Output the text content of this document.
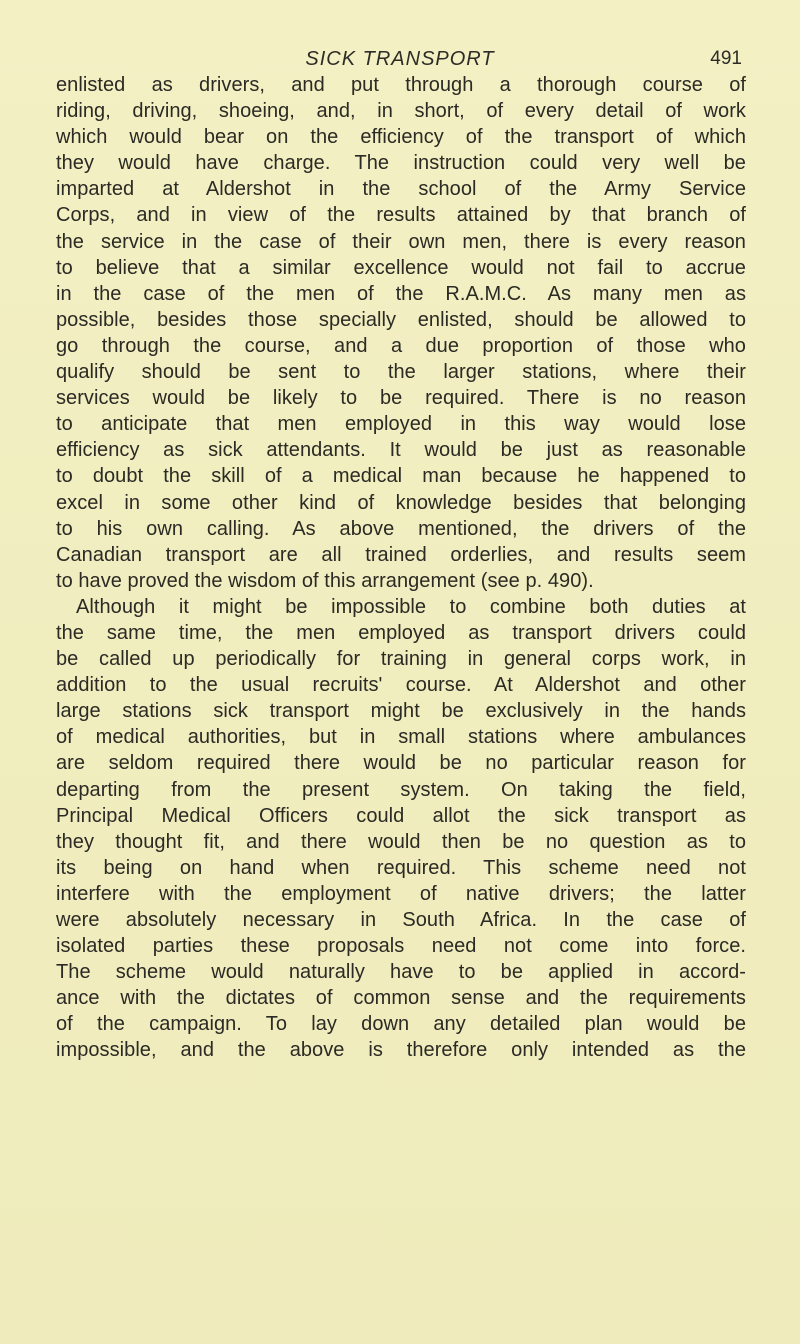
SICK TRANSPORT	491
enlisted as drivers, and put through a thorough course of
riding, driving, shoeing, and, in short, of every detail of work
which would bear on the efficiency of the transport of which
they would have charge. The instruction could very well be
imparted at Aldershot in the school of the Army Service
Corps, and in view of the results attained by that branch of
the service in the case of their own men, there is every reason
to believe that a similar excellence would not fail to accrue
in the case of the men of the R.A.M.C. As many men as
possible, besides those specially enlisted, should be allowed to
go through the course, and a due proportion of those who
qualify should be sent to the larger stations, where their
services would be likely to be required. There is no reason
to anticipate that men employed in this way would lose
efficiency as sick attendants. It would be just as reasonable
to doubt the skill of a medical man because he happened to
excel in some other kind of knowledge besides that belonging
to his own calling. As above mentioned, the drivers of the
Canadian transport are all trained orderlies, and results seem
to have proved the wisdom of this arrangement (see p. 490).
Although it might be impossible to combine both duties at
the same time, the men employed as transport drivers could
be called up periodically for training in general corps work, in
addition to the usual recruits' course. At Aldershot and other
large stations sick transport might be exclusively in the hands
of medical authorities, but in small stations where ambulances
are seldom required there would be no particular reason for
departing from the present system. On taking the field,
Principal Medical Officers could allot the sick transport as
they thought fit, and there would then be no question as to
its being on hand when required. This scheme need not
interfere with the employment of native drivers; the latter
were absolutely necessary in South Africa. In the case of
isolated parties these proposals need not come into force.
The scheme would naturally have to be applied in accord-
ance with the dictates of common sense and the requirements
of the campaign. To lay down any detailed plan would be
impossible, and the above is therefore only intended as the
